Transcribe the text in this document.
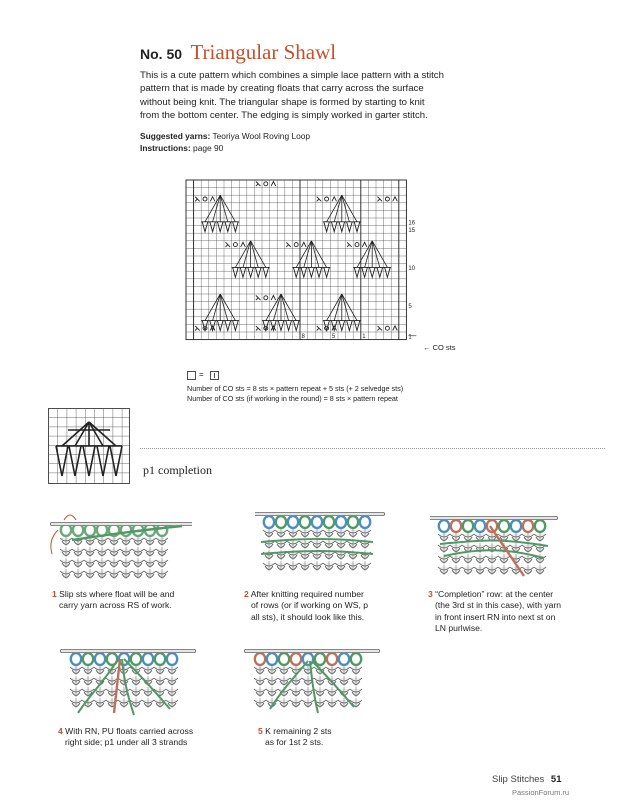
No. 50 Triangular Shawl
This is a cute pattern which combines a simple lace pattern with a stitch
pattern that is made by creating floats that carry across the surface
without being knit. The triangular shape is formed by starting to knit
from the bottom center. The edging is simply worked in garter stitch.
Suggested yarns: Teoriya Wool Roving Loop
Instructions: page 90
16
15
10
5
1
8	5	1
← CO sts
=
Number of CO sts = 8 sts × pattern repeat + 5 sts (+ 2 selvedge sts)
Number of CO sts (if working in the round) = 8 sts × pattern repeat
p1 completion
1 Slip sts where float will be and
carry yarn across RS of work.
2 After knitting required number
of rows (or if working on WS, p
all sts), it should look like this.
3 “Completion” row: at the center
(the 3rd st in this case), with yarn
in front insert RN into next st on
LN purlwise.
4 With RN, PU floats carried across
right side; p1 under all 3 strands
5 K remaining 2 sts
as for 1st 2 sts.
Slip Stitches 51
PassionForum.ru
